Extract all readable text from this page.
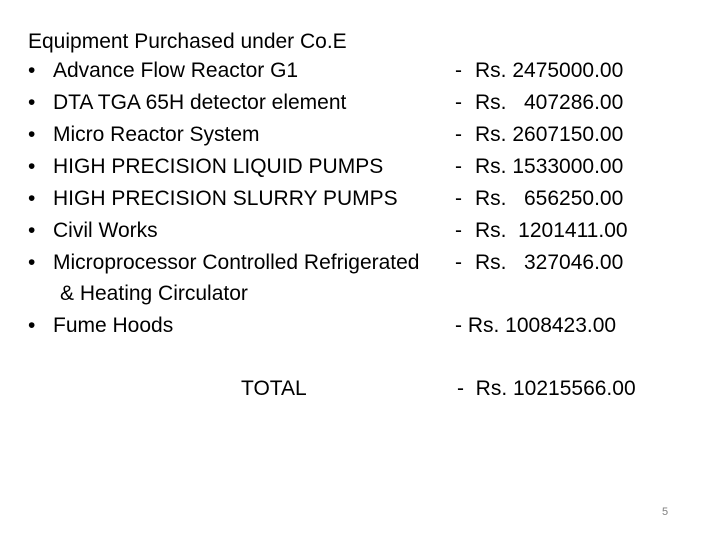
Equipment Purchased under Co.E
• Advance Flow Reactor G1	- Rs. 2475000.00
• DTA TGA 65H detector element	- Rs.   407286.00
• Micro Reactor System	- Rs. 2607150.00
• HIGH PRECISION LIQUID PUMPS	- Rs. 1533000.00
• HIGH PRECISION SLURRY PUMPS	- Rs.   656250.00
• Civil Works	- Rs.  1201411.00
• Microprocessor Controlled Refrigerated - Rs.   327046.00
& Heating Circulator
• Fume Hoods	- Rs. 1008423.00
TOTAL	-  Rs. 10215566.00
5
